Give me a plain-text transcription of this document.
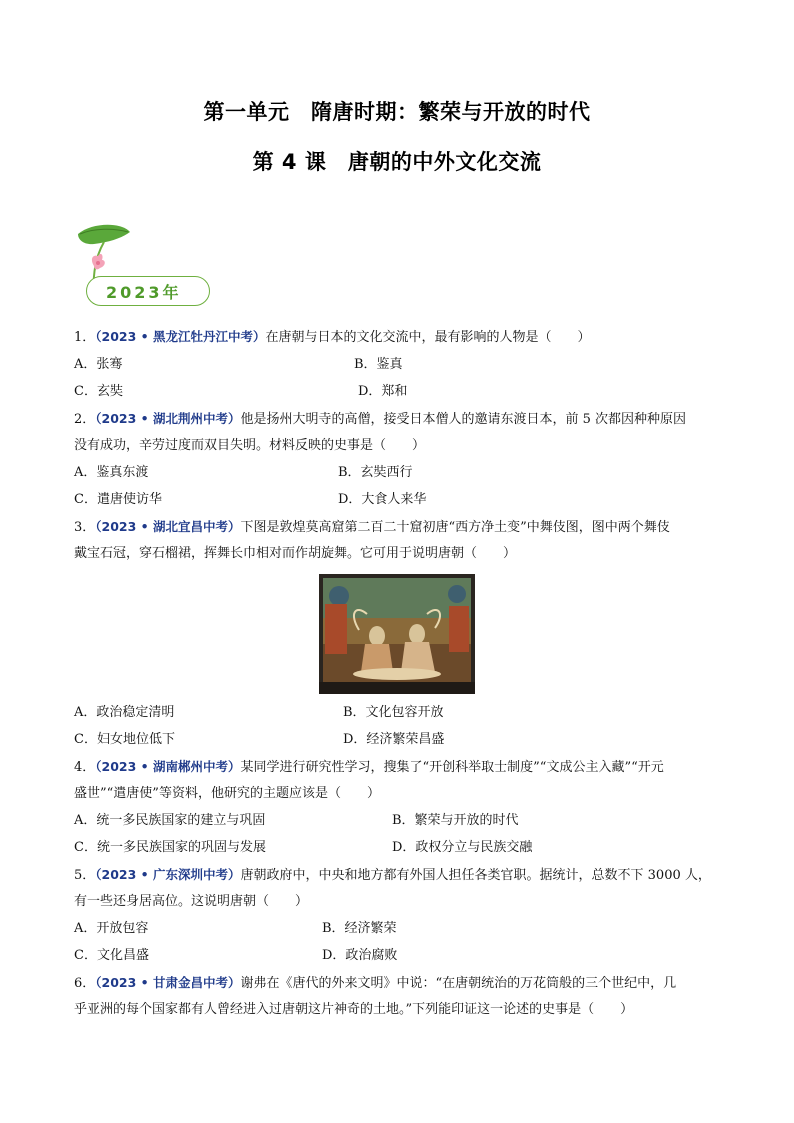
第一单元　隋唐时期：繁荣与开放的时代
第 4 课　唐朝的中外文化交流
2023年
1．（2023 • 黑龙江牡丹江中考）在唐朝与日本的文化交流中，最有影响的人物是（　　）
A．张骞	B．鉴真
C．玄奘	D．郑和
2．（2023 • 湖北荆州中考）他是扬州大明寺的高僧，接受日本僧人的邀请东渡日本，前 5 次都因种种原因
没有成功，辛劳过度而双目失明。材料反映的史事是（　　）
A．鉴真东渡	B．玄奘西行
C．遣唐使访华	D．大食人来华
3．（2023 • 湖北宜昌中考）下图是敦煌莫高窟第二百二十窟初唐“西方净土变”中舞伎图，图中两个舞伎
戴宝石冠，穿石榴裙，挥舞长巾相对而作胡旋舞。它可用于说明唐朝（　　）
A．政治稳定清明	B．文化包容开放
C．妇女地位低下	D．经济繁荣昌盛
4．（2023 • 湖南郴州中考）某同学进行研究性学习，搜集了“开创科举取士制度”“文成公主入藏”“开元
盛世”“遣唐使”等资料，他研究的主题应该是（　　）
A．统一多民族国家的建立与巩固	B．繁荣与开放的时代
C．统一多民族国家的巩固与发展	D．政权分立与民族交融
5．（2023 • 广东深圳中考）唐朝政府中，中央和地方都有外国人担任各类官职。据统计，总数不下 3000 人，
有一些还身居高位。这说明唐朝（　　）
A．开放包容	B．经济繁荣
C．文化昌盛	D．政治腐败
6．（2023 • 甘肃金昌中考）谢弗在《唐代的外来文明》中说：“在唐朝统治的万花筒般的三个世纪中，几
乎亚洲的每个国家都有人曾经进入过唐朝这片神奇的土地。”下列能印证这一论述的史事是（　　）
